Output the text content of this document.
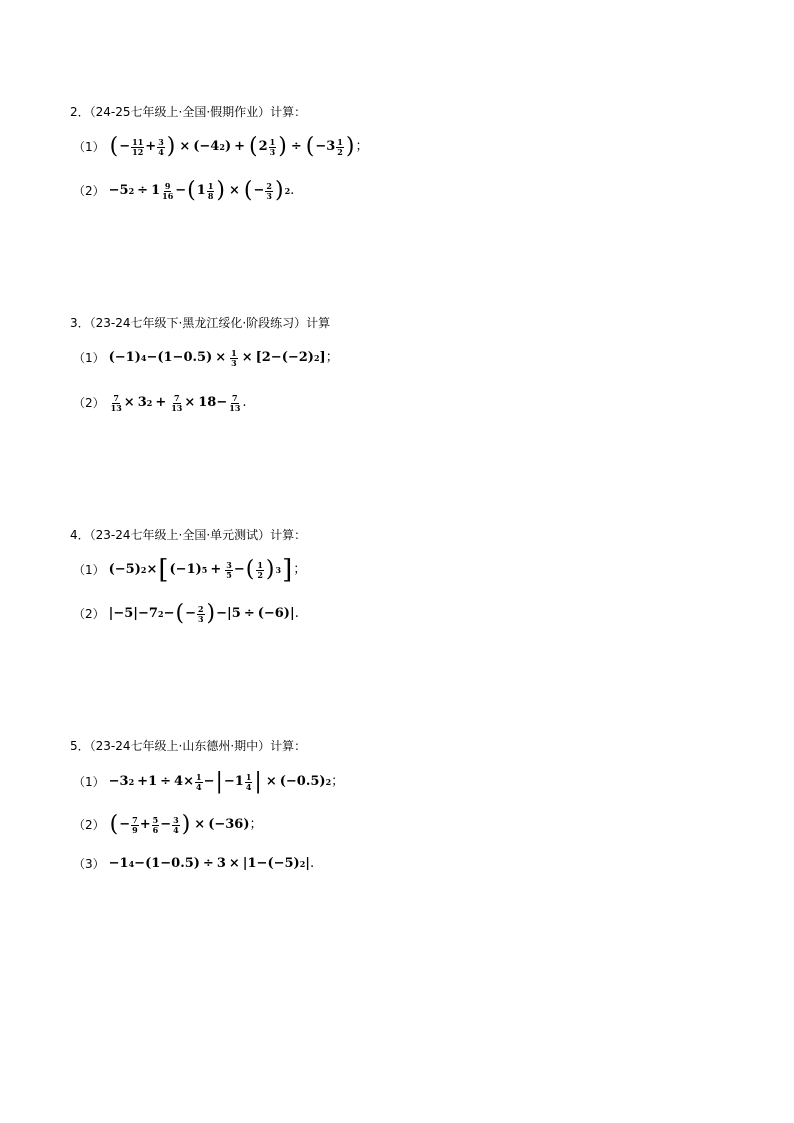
2．（24-25七年级上·全国·假期作业）计算：
（1） ( − $\frac{11}{12} + \frac{3}{4}$ ) × (−4 2 ) + ( $2 \frac{1}{3}$ ) ÷ ( $-3 \frac{1}{2}$ ) ；
（2） −5 $2 \div 1 \frac{9}{16}$ − ( $1 \frac{1}{8}$ ) × ( − $\frac{2}{3}$ ) 2 .
3．（23-24七年级下·黑龙江绥化·阶段练习）计算
（1） (−1) $4 -(1-0.5) \times \frac{1}{3} \times [2-(-2)$ 2 ] ；
$(2) \frac{7}{13} \times 3$ $2 + \frac{7}{13} \times 18- \frac{7}{13}$ .
4．（23-24七年级上·全国·单元测试）计算：
（1） (−5) 2 × [ (−1) $5 + \frac{3}{5}$ − ( $\frac{1}{2}$ ) 3 ] ；
（2） |−5|−7 2 − ( − $\frac{2}{3}$ ) −|5 ÷ (−6)| .
5．（23-24七年级上·山东德州·期中）计算：
（1） −3 $2 +1 \div 4\times \frac{1}{4}$ − | $-1 \frac{1}{4}$ | × (−0.5) 2 ；
（2） ( − $\frac{7}{9} + \frac{5}{6} - \frac{3}{4}$ ) × (−36) ；
（3） −1 4 −(1−0.5) ÷ 3 × |1−(−5) 2 | .
